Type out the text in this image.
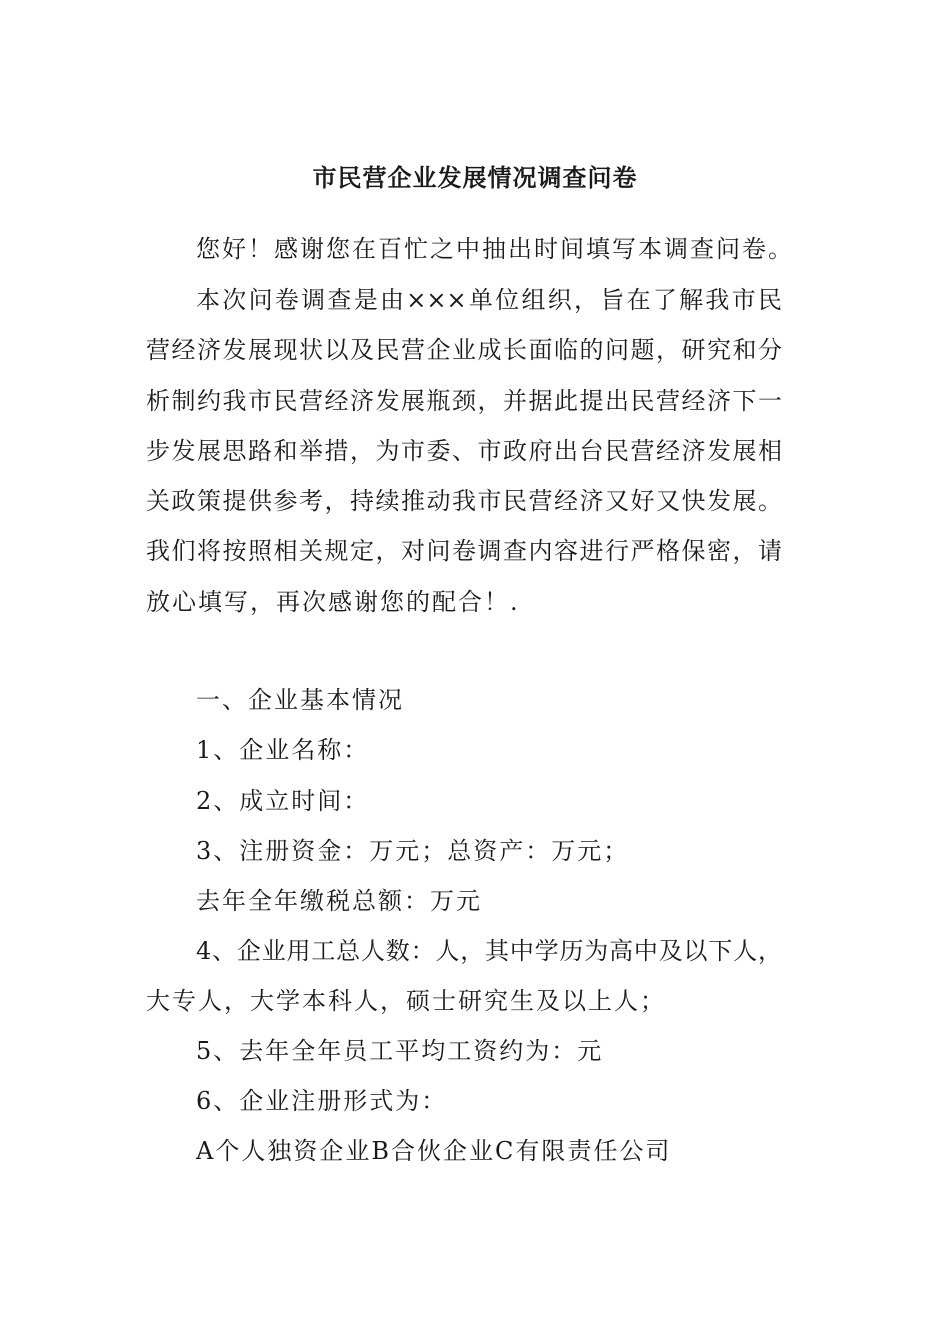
市民营企业发展情况调查问卷
您好！感谢您在百忙之中抽出时间填写本调查问卷。
本次问卷调查是由×××单位组织，旨在了解我市民
营经济发展现状以及民营企业成长面临的问题，研究和分
析制约我市民营经济发展瓶颈，并据此提出民营经济下一
步发展思路和举措，为市委、市政府出台民营经济发展相
关政策提供参考，持续推动我市民营经济又好又快发展。
我们将按照相关规定，对问卷调查内容进行严格保密，请
放心填写，再次感谢您的配合！.
一、企业基本情况
1、企业名称：
2、成立时间：
3、注册资金：万元；总资产：万元；
去年全年缴税总额：万元
4、企业用工总人数：人，其中学历为高中及以下人，
大专人，大学本科人，硕士研究生及以上人；
5、去年全年员工平均工资约为：元
6、企业注册形式为：
A个人独资企业B合伙企业C有限责任公司
